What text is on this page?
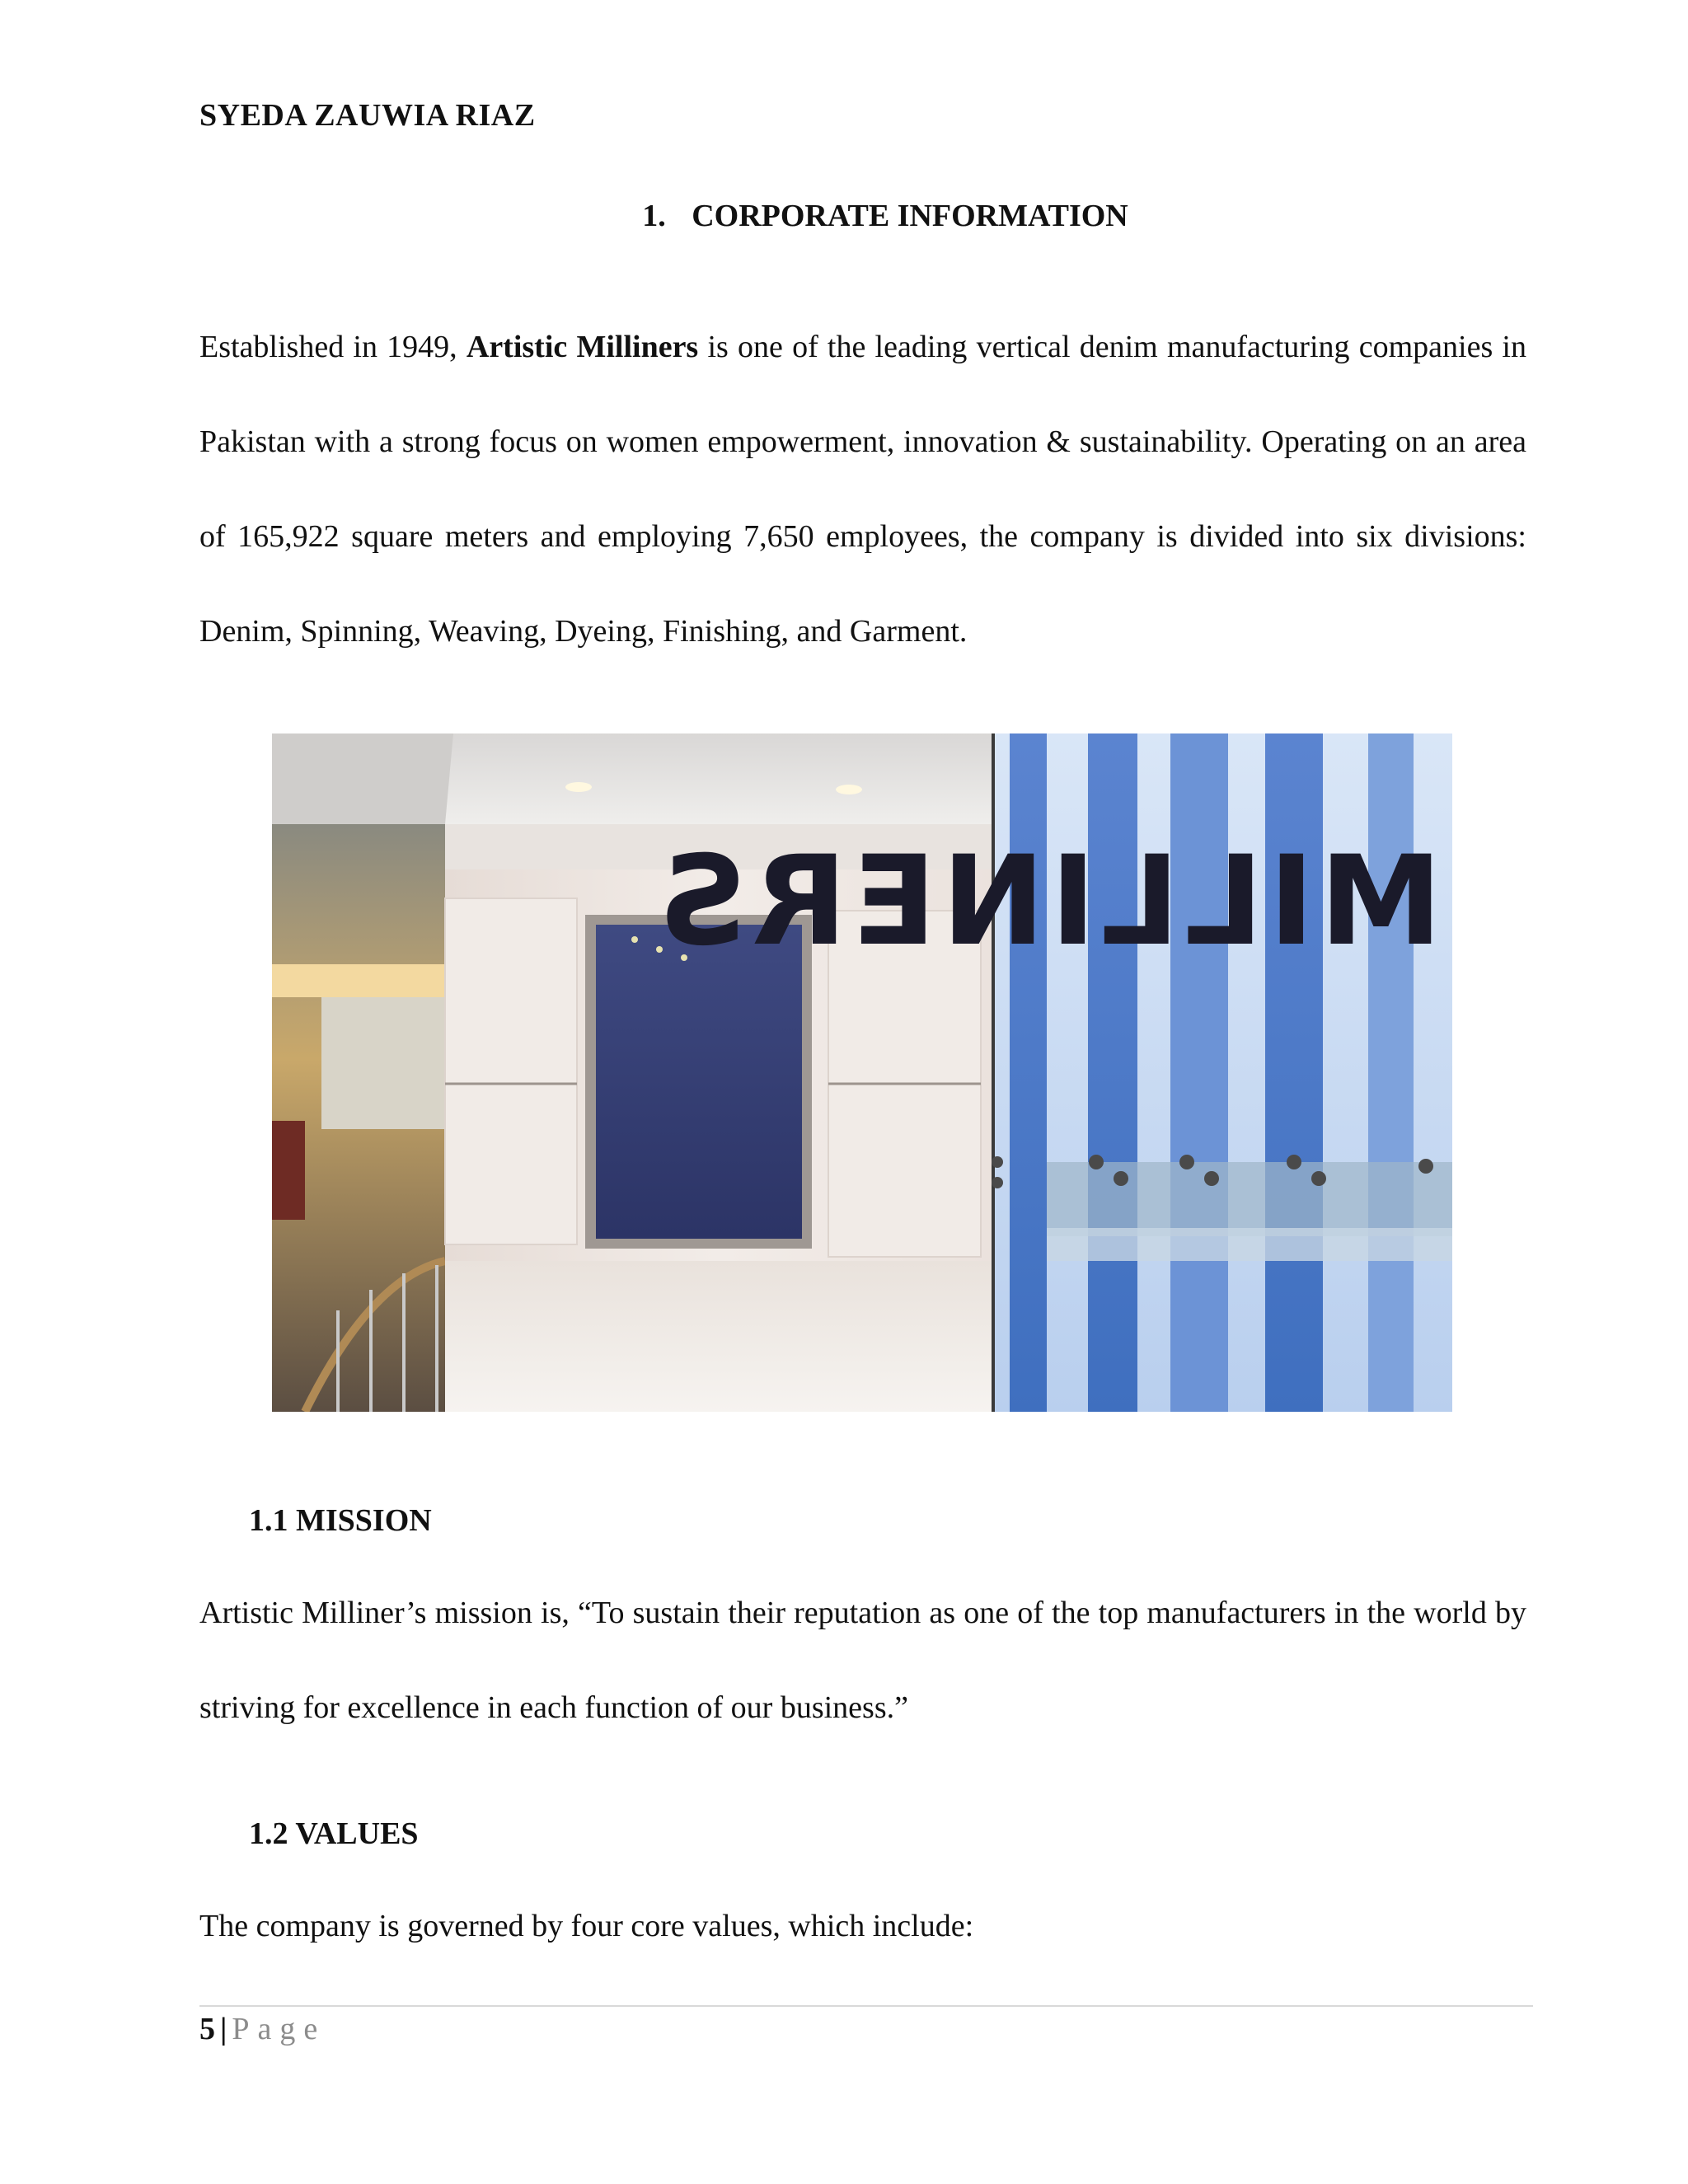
SYEDA ZAUWIA RIAZ
1. CORPORATE INFORMATION
Established in 1949, Artistic Milliners is one of the leading vertical denim manufacturing companies in Pakistan with a strong focus on women empowerment, innovation & sustainability. Operating on an area of 165,922 square meters and employing 7,650 employees, the company is divided into six divisions: Denim, Spinning, Weaving, Dyeing, Finishing, and Garment.
MILLINERS
1.1 MISSION
Artistic Milliner’s mission is, “To sustain their reputation as one of the top manufacturers in the world by striving for excellence in each function of our business.”
1.2 VALUES
The company is governed by four core values, which include:
5 | Page
